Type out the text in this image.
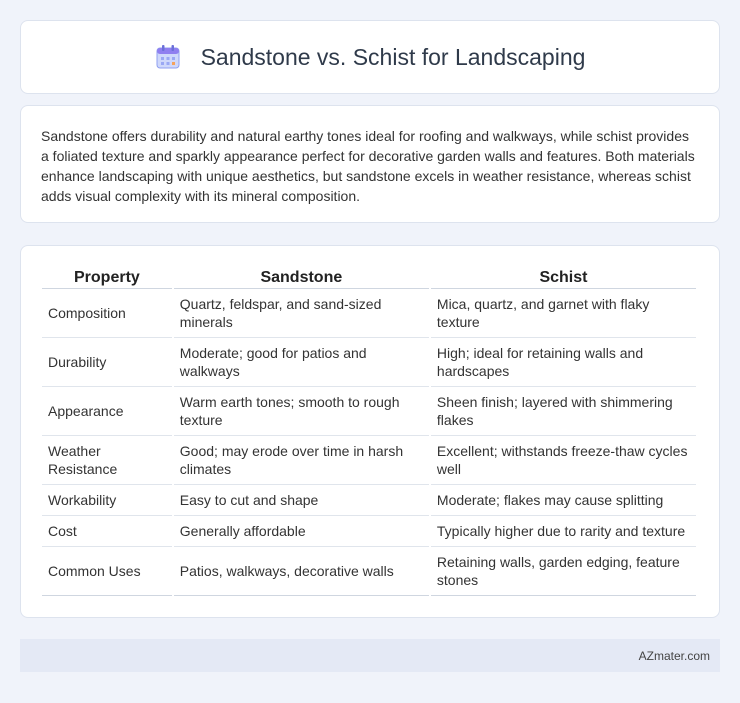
Sandstone vs. Schist for Landscaping

Sandstone offers durability and natural earthy tones ideal for roofing and walkways, while schist provides a foliated texture and sparkly appearance perfect for decorative garden walls and features. Both materials enhance landscaping with unique aesthetics, but sandstone excels in weather resistance, whereas schist adds visual complexity with its mineral composition.

Property	Sandstone	Schist
Composition	Quartz, feldspar, and sand-sized minerals	Mica, quartz, and garnet with flaky texture
Durability	Moderate; good for patios and walkways	High; ideal for retaining walls and hardscapes
Appearance	Warm earth tones; smooth to rough texture	Sheen finish; layered with shimmering flakes
Weather Resistance	Good; may erode over time in harsh climates	Excellent; withstands freeze-thaw cycles well
Workability	Easy to cut and shape	Moderate; flakes may cause splitting
Cost	Generally affordable	Typically higher due to rarity and texture
Common Uses	Patios, walkways, decorative walls	Retaining walls, garden edging, feature stones
AZmater.com
